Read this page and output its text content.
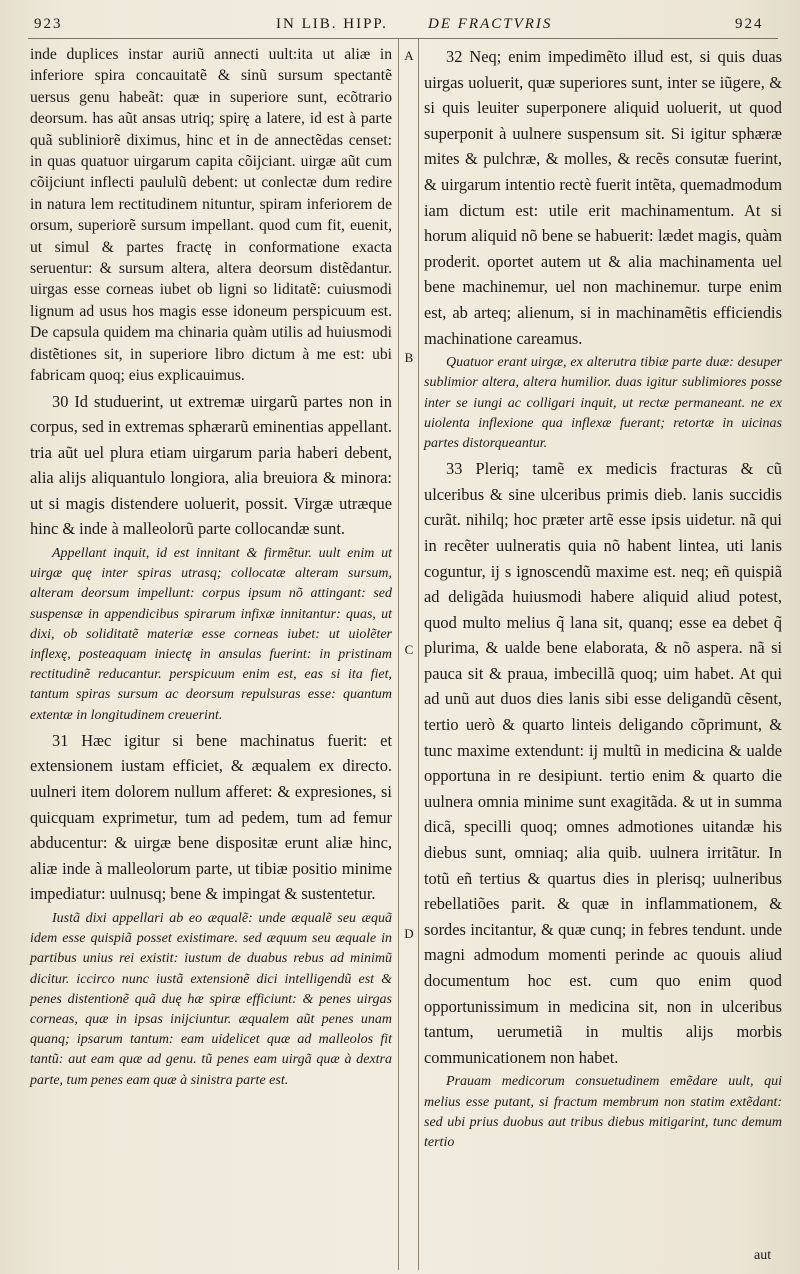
923	IN LIB. HIPP.	DE FRACTVRIS	924
A
B
C
D

inde duplices instar auriũ annecti uult:ita ut aliæ in inferiore spira concauitatẽ & sinũ sursum spectantẽ uersus genu habeãt: quæ in superiore sunt, ecõtrario deorsum. has aũt ansas utriq; spirę a latere, id est à parte quã subliniorẽ diximus, hinc et in de annectẽdas censet: in quas quatuor uirgarum capita cõijciant. uirgæ aũt cum cõijciunt inflecti paululũ debent: ut conlectæ dum redire in natura lem rectitudinem nituntur, spiram inferiorem de orsum, superiorẽ sursum impellant. quod cum fit, euenit, ut simul & partes fractę in conformatione exacta seruentur: & sursum altera, altera deorsum distẽdantur. uirgas esse corneas iubet ob ligni so liditatẽ: cuiusmodi lignum ad usus hos magis esse idoneum perspicuum est. De capsula quidem ma chinaria quàm utilis ad huiusmodi distẽtiones sit, in superiore libro dictum à me est: ubi fabricam quoq; eius explicauimus.

30 Id studuerint, ut extremæ uirgarũ partes non in corpus, sed in extremas sphærarũ eminentias appellant. tria aũt uel plura etiam uirgarum paria haberi debent, alia alijs aliquantulo longiora, alia breuiora & minora: ut si magis distendere uoluerit, possit. Virgæ utræque hinc & inde à malleolorũ parte collocandæ sunt.

Appellant inquit, id est innitant & firmẽtur. uult enim ut uirgæ quę inter spiras utrasq; collocatæ alteram sursum, alteram deorsum impellunt: corpus ipsum nõ attingant: sed suspensæ in appendicibus spirarum infixæ innitantur: quas, ut dixi, ob soliditatẽ materiæ esse corneas iubet: ut uiolẽter inflexę, posteaquam iniectę in ansulas fuerint: in pristinam rectitudinẽ reducantur. perspicuum enim est, eas si ita fiet, tantum spiras sursum ac deorsum repulsuras esse: quantum extentæ in longitudinem creuerint.

31 Hæc igitur si bene machinatus fuerit: et extensionem iustam efficiet, & æqualem ex directo. uulneri item dolorem nullum afferet: & expresiones, si quicquam exprimetur, tum ad pedem, tum ad femur abducentur: & uirgæ bene dispositæ erunt aliæ hinc, aliæ inde à malleolorum parte, ut tibiæ positio minime impediatur: uulnusq; bene & impingat & sustentetur.

Iustã dixi appellari ab eo æqualẽ: unde æqualẽ seu æquã idem esse quispiã posset existimare. sed æquum seu æquale in partibus unius rei existit: iustum de duabus rebus ad minimũ dicitur. iccirco nunc iustã extensionẽ dici intelligendũ est & penes distentionẽ quã duę hæ spiræ efficiunt: & penes uirgas corneas, quæ in ipsas inijciuntur. æqualem aũt penes unam quanq; ipsarum tantum: eam uidelicet quæ ad malleolos fit tantũ: aut eam quæ ad genu. tũ penes eam uirgã quæ à dextra parte, tum penes eam quæ à sinistra parte est.

32 Neq; enim impedimẽto illud est, si quis duas uirgas uoluerit, quæ superiores sunt, inter se iũgere, & si quis leuiter superponere aliquid uoluerit, ut quod superponit à uulnere suspensum sit. Si igitur sphæræ mites & pulchræ, & molles, & recẽs consutæ fuerint, & uirgarum intentio rectè fuerit intẽta, quemadmodum iam dictum est: utile erit machinamentum. At si horum aliquid nõ bene se habuerit: lædet magis, quàm proderit. oportet autem ut & alia machinamenta uel bene machinemur, uel non machinemur. turpe enim est, ab arteq; alienum, si in machinamẽtis efficiendis machinatione careamus.

Quatuor erant uirgæ, ex alterutra tibiæ parte duæ: desuper sublimior altera, altera humilior. duas igitur sublimiores posse inter se iungi ac colligari inquit, ut rectæ permaneant. ne ex uiolenta inflexione qua inflexæ fuerant; retortæ in uicinas partes distorqueantur.

33 Pleriq; tamẽ ex medicis fracturas & cũ ulceribus & sine ulceribus primis dieb. lanis succidis curãt. nihilq; hoc præter artẽ esse ipsis uidetur. nã qui in recẽter uulneratis quia nõ habent lintea, uti lanis coguntur, ij s ignoscendũ maxime est. neq; eñ quispiã ad deligãda huiusmodi habere aliquid aliud potest, quod multo melius q̃ lana sit, quanq; esse ea debet q̃ plurima, & ualde bene elaborata, & nõ aspera. nã si pauca sit & praua, imbecillã quoq; uim habet. At qui ad unũ aut duos dies lanis sibi esse deligandũ cẽsent, tertio uerò & quarto linteis deligando cõprimunt, & tunc maxime extendunt: ij multũ in medicina & ualde opportuna in re desipiunt. tertio enim & quarto die uulnera omnia minime sunt exagitãda. & ut in summa dicã, specilli quoq; omnes admotiones uitandæ his diebus sunt, omniaq; alia quib. uulnera irritãtur. In totũ eñ tertius & quartus dies in plerisq; uulneribus rebellatiões parit. & quæ in inflammationem, & sordes incitantur, & quæ cunq; in febres tendunt. unde magni admodum momenti perinde ac quouis aliud documentum hoc est. cum quo enim quod opportunissimum in medicina sit, non in ulceribus tantum, uerumetiã in multis alijs morbis communicationem non habet.

Prauam medicorum consuetudinem emẽdare uult, qui melius esse putant, si fractum membrum non statim extẽdant: sed ubi prius duobus aut tribus diebus mitigarint, tunc demum tertio

aut
